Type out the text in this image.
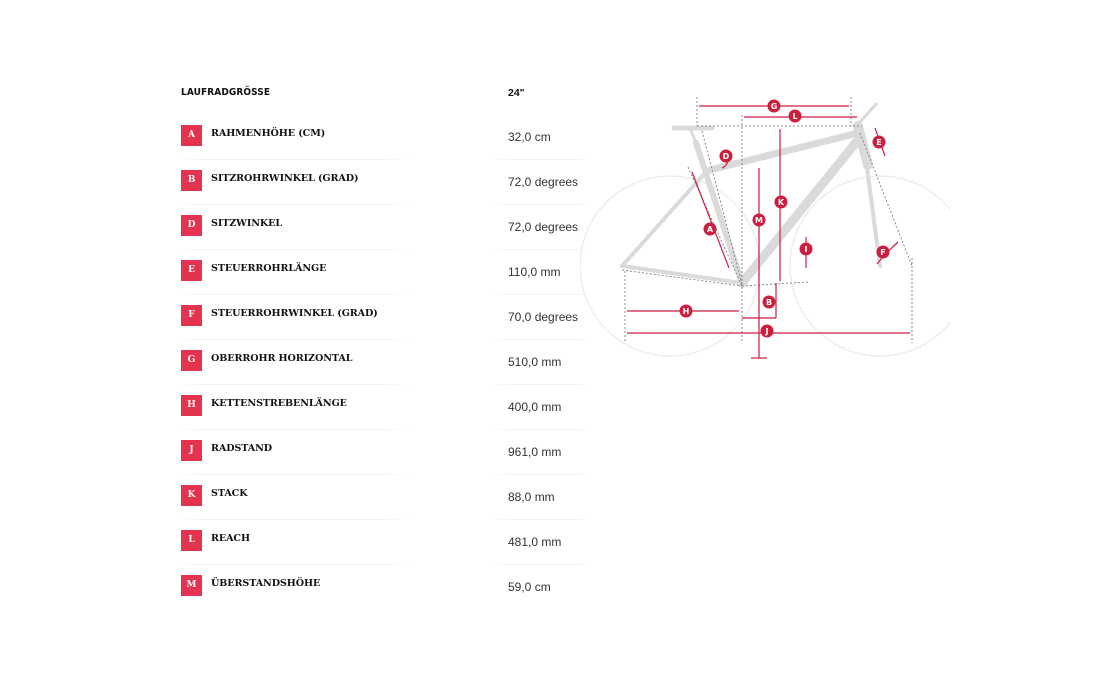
LAUFRADGRÖSSE	24"
A	RAHMENHÖHE (CM)	32,0 cm
B	SITZROHRWINKEL (GRAD)	72,0 degrees
D	SITZWINKEL	72,0 degrees
E	STEUERROHRLÄNGE	110,0 mm
F	STEUERROHRWINKEL (GRAD)	70,0 degrees
G	OBERROHR HORIZONTAL	510,0 mm
H	KETTENSTREBENLÄNGE	400,0 mm
J	RADSTAND	961,0 mm
K	STACK	88,0 mm
L	REACH	481,0 mm
M	ÜBERSTANDSHÖHE	59,0 cm
G
L
E
D
K
M
A
I	F
B
H
J
